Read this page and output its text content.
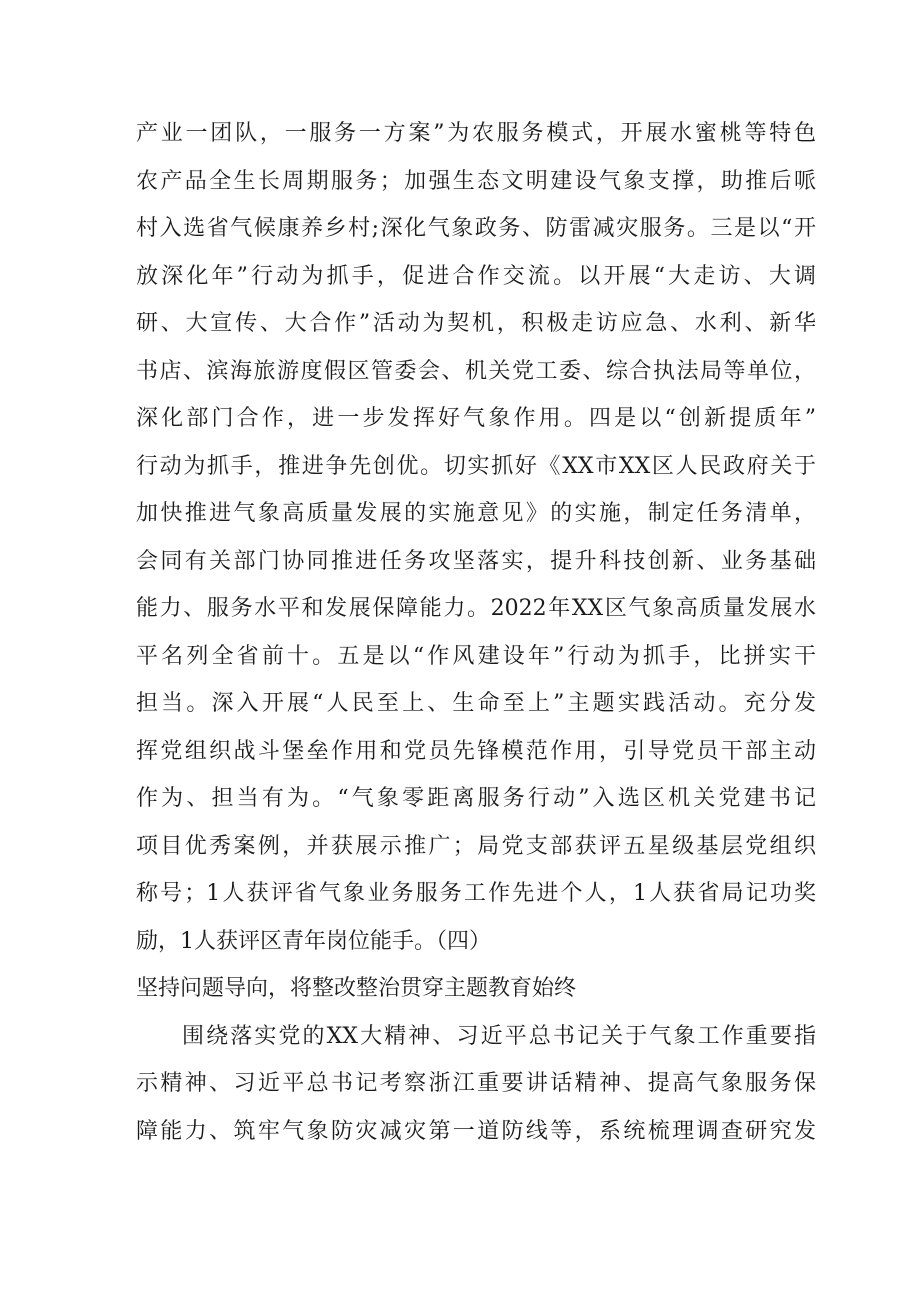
产业一团队，一服务一方案”为农服务模式，开展水蜜桃等特色
农产品全生长周期服务；加强生态文明建设气象支撑，助推后哌
村入选省气候康养乡村;深化气象政务、防雷减灾服务。三是以“开
放深化年”行动为抓手，促进合作交流。以开展“大走访、大调
研、大宣传、大合作”活动为契机，积极走访应急、水利、新华
书店、滨海旅游度假区管委会、机关党工委、综合执法局等单位，
深化部门合作，进一步发挥好气象作用。四是以“创新提质年”
行动为抓手，推进争先创优。切实抓好《XX市XX区人民政府关于
加快推进气象高质量发展的实施意见》的实施，制定任务清单，
会同有关部门协同推进任务攻坚落实，提升科技创新、业务基础
能力、服务水平和发展保障能力。2022年XX区气象高质量发展水
平名列全省前十。五是以“作风建设年”行动为抓手，比拼实干
担当。深入开展“人民至上、生命至上”主题实践活动。充分发
挥党组织战斗堡垒作用和党员先锋模范作用，引导党员干部主动
作为、担当有为。“气象零距离服务行动”入选区机关党建书记
项目优秀案例，并获展示推广；局党支部获评五星级基层党组织
称号；1人获评省气象业务服务工作先进个人，1人获省局记功奖
励，1人获评区青年岗位能手。（四）
坚持问题导向，将整改整治贯穿主题教育始终
围绕落实党的XX大精神、习近平总书记关于气象工作重要指
示精神、习近平总书记考察浙江重要讲话精神、提高气象服务保
障能力、筑牢气象防灾减灾第一道防线等，系统梳理调查研究发
